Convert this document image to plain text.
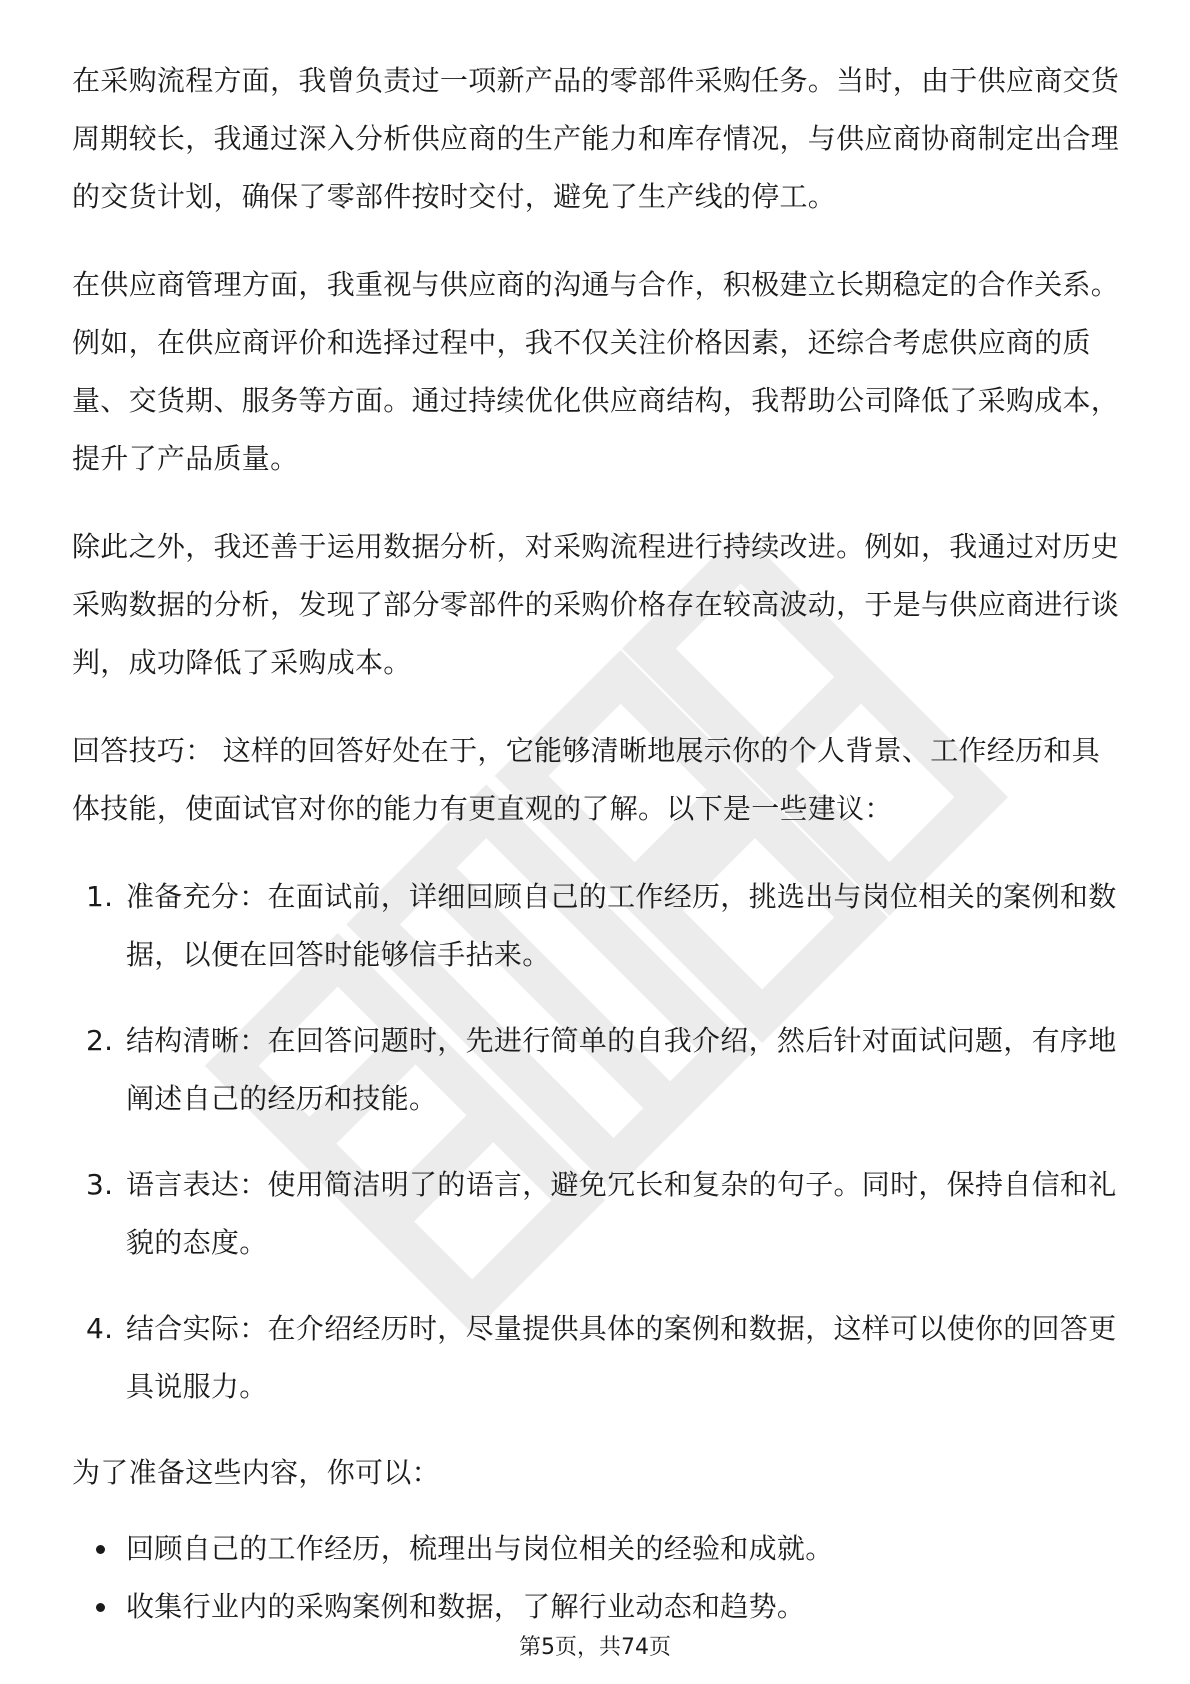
在采购流程方面，我曾负责过一项新产品的零部件采购任务。当时，由于供应商交货周期较长，我通过深入分析供应商的生产能力和库存情况，与供应商协商制定出合理的交货计划，确保了零部件按时交付，避免了生产线的停工。

在供应商管理方面，我重视与供应商的沟通与合作，积极建立长期稳定的合作关系。例如，在供应商评价和选择过程中，我不仅关注价格因素，还综合考虑供应商的质量、交货期、服务等方面。通过持续优化供应商结构，我帮助公司降低了采购成本，提升了产品质量。

除此之外，我还善于运用数据分析，对采购流程进行持续改进。例如，我通过对历史采购数据的分析，发现了部分零部件的采购价格存在较高波动，于是与供应商进行谈判，成功降低了采购成本。

回答技巧： 这样的回答好处在于，它能够清晰地展示你的个人背景、工作经历和具体技能，使面试官对你的能力有更直观的了解。以下是一些建议：

1. 准备充分：在面试前，详细回顾自己的工作经历，挑选出与岗位相关的案例和数据，以便在回答时能够信手拈来。
2. 结构清晰：在回答问题时，先进行简单的自我介绍，然后针对面试问题，有序地阐述自己的经历和技能。
3. 语言表达：使用简洁明了的语言，避免冗长和复杂的句子。同时，保持自信和礼貌的态度。
4. 结合实际：在介绍经历时，尽量提供具体的案例和数据，这样可以使你的回答更具说服力。

为了准备这些内容，你可以：

回顾自己的工作经历，梳理出与岗位相关的经验和成就。
收集行业内的采购案例和数据，了解行业动态和趋势。
第5页，共74页
